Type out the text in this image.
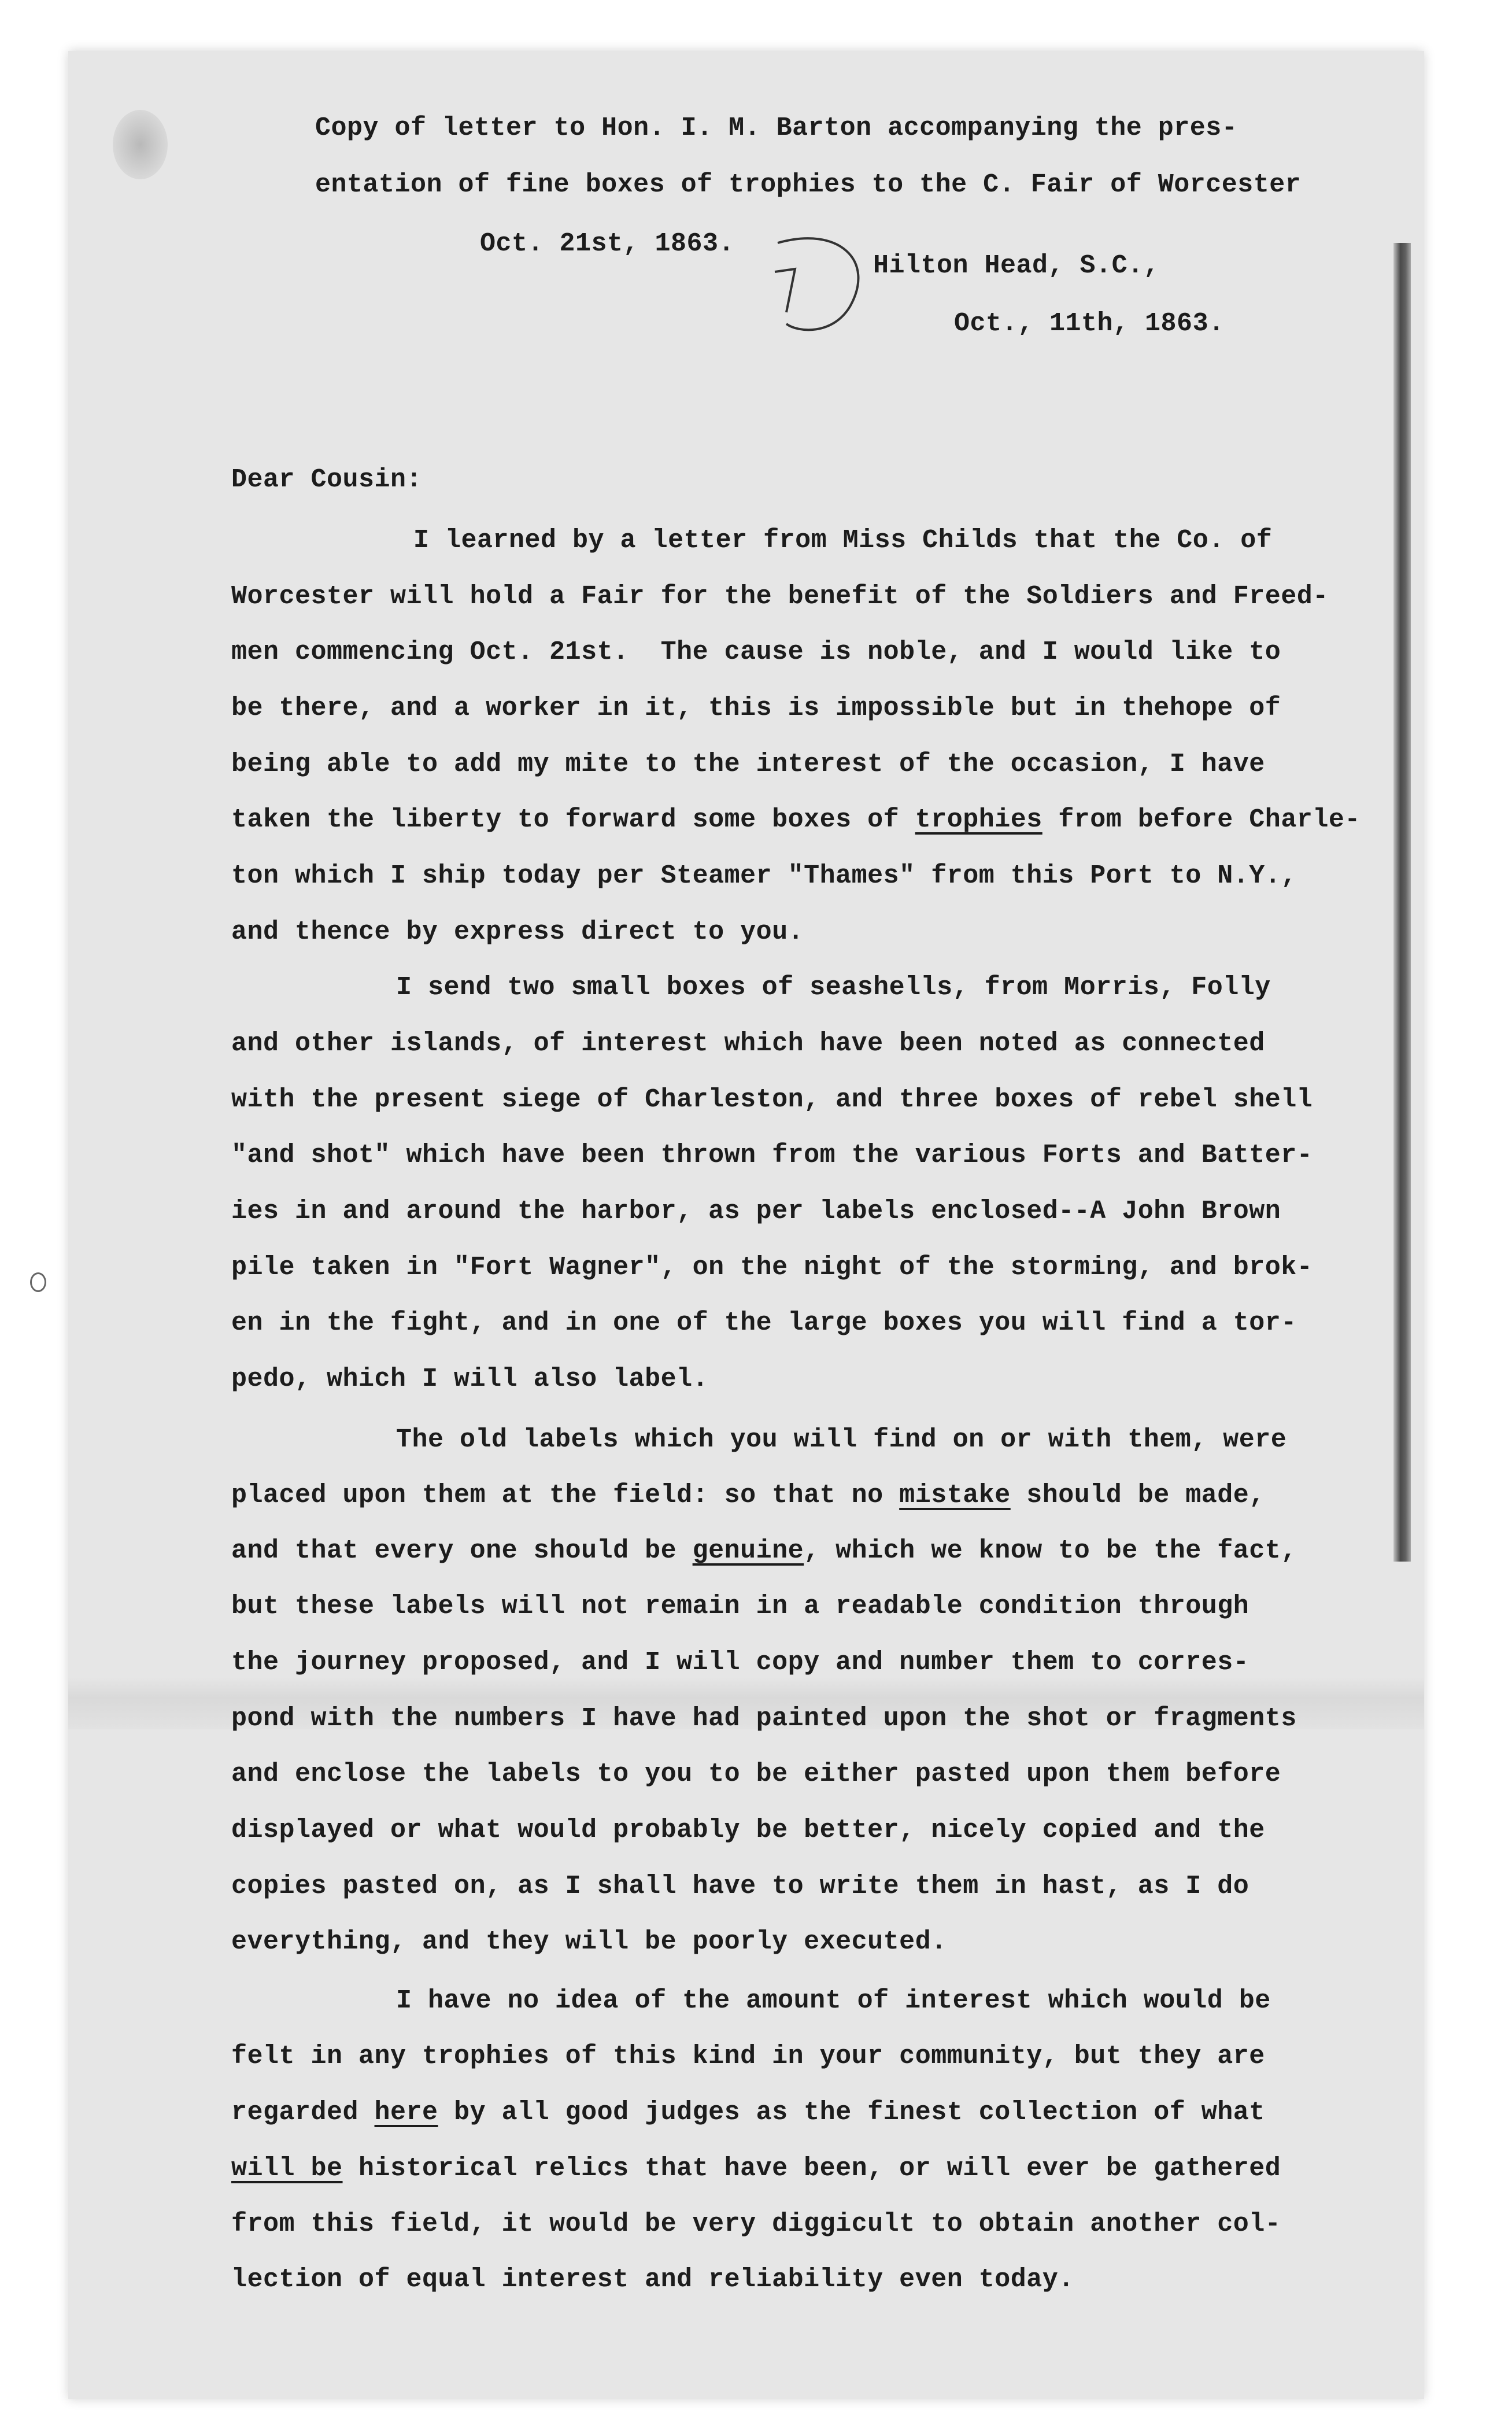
Copy of letter to Hon. I. M. Barton accompanying the pres-
entation of fine boxes of trophies to the C. Fair of Worcester
Oct. 21st, 1863.
Hilton Head, S.C.,
Oct., 11th, 1863.
Dear Cousin:
I learned by a letter from Miss Childs that the Co. of
Worcester will hold a Fair for the benefit of the Soldiers and Freed-
men commencing Oct. 21st.  The cause is noble, and I would like to
be there, and a worker in it, this is impossible but in thehope of
being able to add my mite to the interest of the occasion, I have
taken the liberty to forward some boxes of trophies from before Charle-
ton which I ship today per Steamer "Thames" from this Port to N.Y.,
and thence by express direct to you.
I send two small boxes of seashells, from Morris, Folly
and other islands, of interest which have been noted as connected
with the present siege of Charleston, and three boxes of rebel shell
"and shot" which have been thrown from the various Forts and Batter-
ies in and around the harbor, as per labels enclosed--A John Brown
pile taken in "Fort Wagner", on the night of the storming, and brok-
en in the fight, and in one of the large boxes you will find a tor-
pedo, which I will also label.
The old labels which you will find on or with them, were
placed upon them at the field: so that no mistake should be made,
and that every one should be genuine, which we know to be the fact,
but these labels will not remain in a readable condition through
the journey proposed, and I will copy and number them to corres-
pond with the numbers I have had painted upon the shot or fragments
and enclose the labels to you to be either pasted upon them before
displayed or what would probably be better, nicely copied and the
copies pasted on, as I shall have to write them in hast, as I do
everything, and they will be poorly executed.
I have no idea of the amount of interest which would be
felt in any trophies of this kind in your community, but they are
regarded here by all good judges as the finest collection of what
will be historical relics that have been, or will ever be gathered
from this field, it would be very diggicult to obtain another col-
lection of equal interest and reliability even today.
